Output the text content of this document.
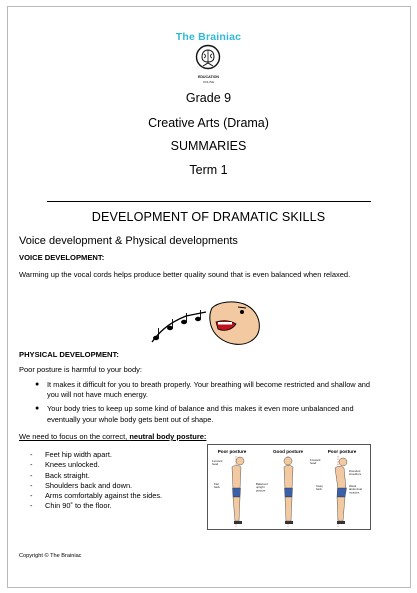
The Brainiac
EDUCATION
ONLINE
Grade 9
Creative Arts (Drama)
SUMMARIES
Term 1
DEVELOPMENT OF DRAMATIC SKILLS
Voice development & Physical developments
VOICE DEVELOPMENT:
Warming up the vocal cords helps produce better quality sound that is even balanced when relaxed.
PHYSICAL DEVELOPMENT:
Poor posture is harmful to your body:
● It makes it difficult for you to breath properly. Your breathing will become restricted and shallow and you will not have much energy.
● Your body tries to keep up some kind of balance and this makes it even more unbalanced and eventually your whole body gets bent out of shape.
We need to focus on the correct, neutral body posture:
- Feet hip width apart.
- Knees unlocked.
- Back straight.
- Shoulders back and down.
- Arms comfortably against the sides.
- Chin 90˚ to the floor.
Poor posture	Good posture	Poor posture
Forward head
Flat back
Balanced upright posture
Forward head
Rounded shoulders
Sway back
Weak abdominal muscles
Copyright © The Brainiac
